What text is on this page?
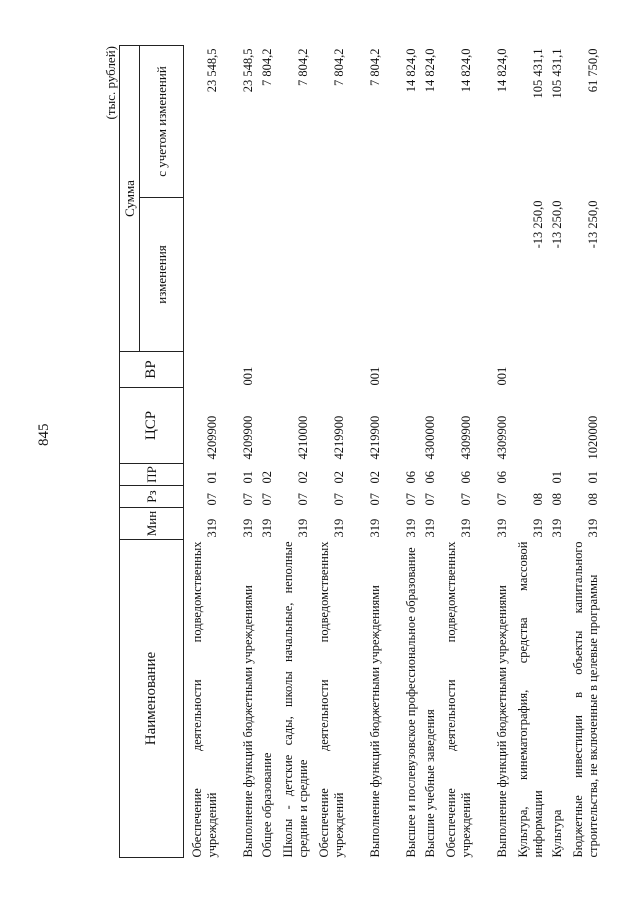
845
(тыс. рублей)
Наименование	Мин	Рз	ПР	ЦСР	ВР	Сумма	
						изменения	с учетом изменений
Обеспечение деятельности подведомственных учреждений	319	07	01	4209900			23 548,5
Выполнение функций бюджетными учреждениями	319	07	01	4209900	001		23 548,5
Общее образование	319	07	02				7 804,2
Школы - детские сады, школы начальные, неполные средние и средние	319	07	02	4210000			7 804,2
Обеспечение деятельности подведомственных учреждений	319	07	02	4219900			7 804,2
Выполнение функций бюджетными учреждениями	319	07	02	4219900	001		7 804,2
Высшее и послевузовское профессиональное образование	319	07	06				14 824,0
Высшие учебные заведения	319	07	06	4300000			14 824,0
Обеспечение деятельности подведомственных учреждений	319	07	06	4309900			14 824,0
Выполнение функций бюджетными учреждениями	319	07	06	4309900	001		14 824,0
Культура, кинематография, средства массовой информации	319	08				-13 250,0	105 431,1
Культура	319	08	01			-13 250,0	105 431,1
Бюджетные инвестиции в объекты капитального строительства, не включенные в целевые программы	319	08	01	1020000		-13 250,0	61 750,0
